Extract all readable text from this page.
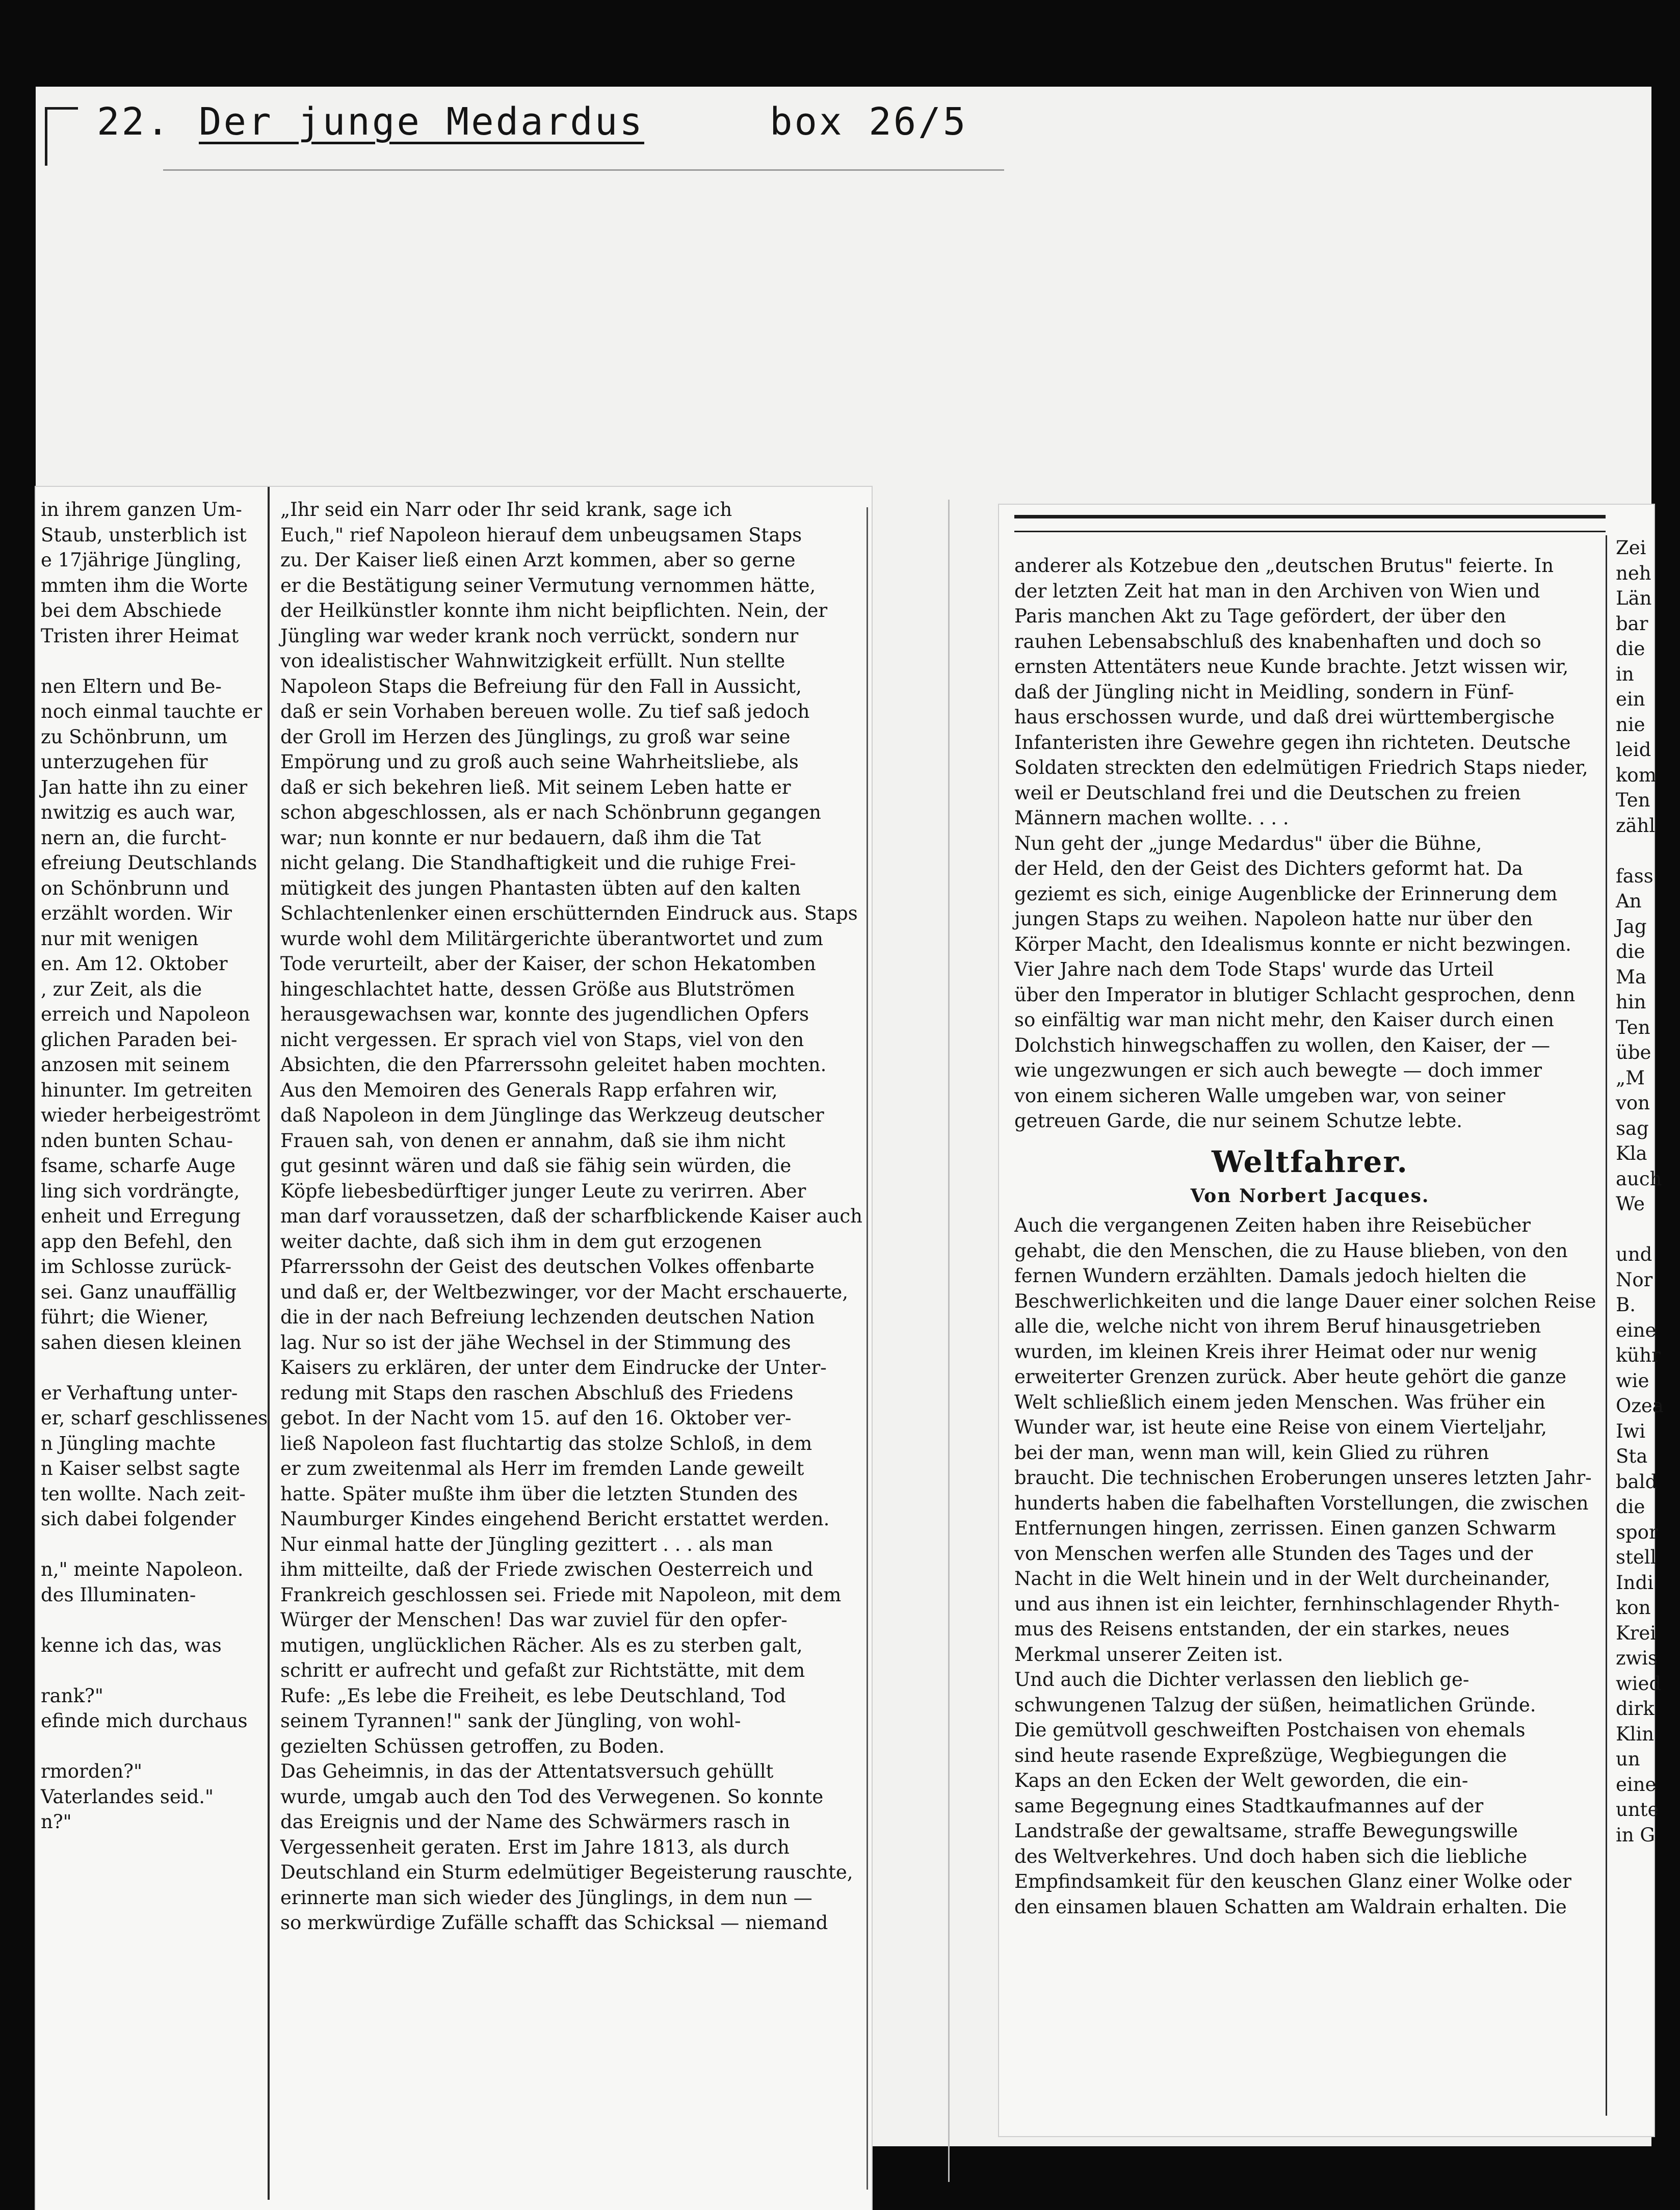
22. Der junge Medardus	box 26/5

in ihrem ganzen Um-

Staub, unsterblich ist

e 17jährige Jüngling,

mmten ihm die Worte

bei dem Abschiede

Tristen ihrer Heimat

nen Eltern und Be-

noch einmal tauchte er

zu Schönbrunn, um

unterzugehen für

Jan hatte ihn zu einer

nwitzig es auch war,

nern an, die furcht-

efreiung Deutschlands

on Schönbrunn und

erzählt worden. Wir

nur mit wenigen

en. Am 12. Oktober

, zur Zeit, als die

erreich und Napoleon

glichen Paraden bei-

anzosen mit seinem

hinunter. Im getreiten

wieder herbeigeströmt

nden bunten Schau-

fsame, scharfe Auge

ling sich vordrängte,

enheit und Erregung

app den Befehl, den

im Schlosse zurück-

sei. Ganz unauffällig

führt; die Wiener,

sahen diesen kleinen

er Verhaftung unter-

er, scharf geschlissenes

n Jüngling machte

n Kaiser selbst sagte

ten wollte. Nach zeit-

sich dabei folgender

n," meinte Napoleon.

des Illuminaten-

kenne ich das, was

rank?"

efinde mich durchaus

rmorden?"

Vaterlandes seid."

n?"

„Ihr seid ein Narr oder Ihr seid krank, sage ich

Euch," rief Napoleon hierauf dem unbeugsamen Staps

zu. Der Kaiser ließ einen Arzt kommen, aber so gerne

er die Bestätigung seiner Vermutung vernommen hätte,

der Heilkünstler konnte ihm nicht beipflichten. Nein, der

Jüngling war weder krank noch verrückt, sondern nur

von idealistischer Wahnwitzigkeit erfüllt. Nun stellte

Napoleon Staps die Befreiung für den Fall in Aussicht,

daß er sein Vorhaben bereuen wolle. Zu tief saß jedoch

der Groll im Herzen des Jünglings, zu groß war seine

Empörung und zu groß auch seine Wahrheitsliebe, als

daß er sich bekehren ließ. Mit seinem Leben hatte er

schon abgeschlossen, als er nach Schönbrunn gegangen

war; nun konnte er nur bedauern, daß ihm die Tat

nicht gelang. Die Standhaftigkeit und die ruhige Frei-

mütigkeit des jungen Phantasten übten auf den kalten

Schlachtenlenker einen erschütternden Eindruck aus. Staps

wurde wohl dem Militärgerichte überantwortet und zum

Tode verurteilt, aber der Kaiser, der schon Hekatomben

hingeschlachtet hatte, dessen Größe aus Blutströmen

herausgewachsen war, konnte des jugendlichen Opfers

nicht vergessen. Er sprach viel von Staps, viel von den

Absichten, die den Pfarrerssohn geleitet haben mochten.

Aus den Memoiren des Generals Rapp erfahren wir,

daß Napoleon in dem Jünglinge das Werkzeug deutscher

Frauen sah, von denen er annahm, daß sie ihm nicht

gut gesinnt wären und daß sie fähig sein würden, die

Köpfe liebesbedürftiger junger Leute zu verirren. Aber

man darf voraussetzen, daß der scharfblickende Kaiser auch

weiter dachte, daß sich ihm in dem gut erzogenen

Pfarrerssohn der Geist des deutschen Volkes offenbarte

und daß er, der Weltbezwinger, vor der Macht erschauerte,

die in der nach Befreiung lechzenden deutschen Nation

lag. Nur so ist der jähe Wechsel in der Stimmung des

Kaisers zu erklären, der unter dem Eindrucke der Unter-

redung mit Staps den raschen Abschluß des Friedens

gebot. In der Nacht vom 15. auf den 16. Oktober ver-

ließ Napoleon fast fluchtartig das stolze Schloß, in dem

er zum zweitenmal als Herr im fremden Lande geweilt

hatte. Später mußte ihm über die letzten Stunden des

Naumburger Kindes eingehend Bericht erstattet werden.

Nur einmal hatte der Jüngling gezittert . . . als man

ihm mitteilte, daß der Friede zwischen Oesterreich und

Frankreich geschlossen sei. Friede mit Napoleon, mit dem

Würger der Menschen! Das war zuviel für den opfer-

mutigen, unglücklichen Rächer. Als es zu sterben galt,

schritt er aufrecht und gefaßt zur Richtstätte, mit dem

Rufe: „Es lebe die Freiheit, es lebe Deutschland, Tod

seinem Tyrannen!" sank der Jüngling, von wohl-

gezielten Schüssen getroffen, zu Boden.

Das Geheimnis, in das der Attentatsversuch gehüllt

wurde, umgab auch den Tod des Verwegenen. So konnte

das Ereignis und der Name des Schwärmers rasch in

Vergessenheit geraten. Erst im Jahre 1813, als durch

Deutschland ein Sturm edelmütiger Begeisterung rauschte,

erinnerte man sich wieder des Jünglings, in dem nun —

so merkwürdige Zufälle schafft das Schicksal — niemand

anderer als Kotzebue den „deutschen Brutus" feierte. In

der letzten Zeit hat man in den Archiven von Wien und

Paris manchen Akt zu Tage gefördert, der über den

rauhen Lebensabschluß des knabenhaften und doch so

ernsten Attentäters neue Kunde brachte. Jetzt wissen wir,

daß der Jüngling nicht in Meidling, sondern in Fünf-

haus erschossen wurde, und daß drei württembergische

Infanteristen ihre Gewehre gegen ihn richteten. Deutsche

Soldaten streckten den edelmütigen Friedrich Staps nieder,

weil er Deutschland frei und die Deutschen zu freien

Männern machen wollte. . . .

Nun geht der „junge Medardus" über die Bühne,

der Held, den der Geist des Dichters geformt hat. Da

geziemt es sich, einige Augenblicke der Erinnerung dem

jungen Staps zu weihen. Napoleon hatte nur über den

Körper Macht, den Idealismus konnte er nicht bezwingen.

Vier Jahre nach dem Tode Staps' wurde das Urteil

über den Imperator in blutiger Schlacht gesprochen, denn

so einfältig war man nicht mehr, den Kaiser durch einen

Dolchstich hinwegschaffen zu wollen, den Kaiser, der —

wie ungezwungen er sich auch bewegte — doch immer

von einem sicheren Walle umgeben war, von seiner

getreuen Garde, die nur seinem Schutze lebte.

Weltfahrer.
Von Norbert Jacques.

Auch die vergangenen Zeiten haben ihre Reisebücher

gehabt, die den Menschen, die zu Hause blieben, von den

fernen Wundern erzählten. Damals jedoch hielten die

Beschwerlichkeiten und die lange Dauer einer solchen Reise

alle die, welche nicht von ihrem Beruf hinausgetrieben

wurden, im kleinen Kreis ihrer Heimat oder nur wenig

erweiterter Grenzen zurück. Aber heute gehört die ganze

Welt schließlich einem jeden Menschen. Was früher ein

Wunder war, ist heute eine Reise von einem Vierteljahr,

bei der man, wenn man will, kein Glied zu rühren

braucht. Die technischen Eroberungen unseres letzten Jahr-

hunderts haben die fabelhaften Vorstellungen, die zwischen

Entfernungen hingen, zerrissen. Einen ganzen Schwarm

von Menschen werfen alle Stunden des Tages und der

Nacht in die Welt hinein und in der Welt durcheinander,

und aus ihnen ist ein leichter, fernhinschlagender Rhyth-

mus des Reisens entstanden, der ein starkes, neues

Merkmal unserer Zeiten ist.

Und auch die Dichter verlassen den lieblich ge-

schwungenen Talzug der süßen, heimatlichen Gründe.

Die gemütvoll geschweiften Postchaisen von ehemals

sind heute rasende Expreßzüge, Wegbiegungen die

Kaps an den Ecken der Welt geworden, die ein-

same Begegnung eines Stadtkaufmannes auf der

Landstraße der gewaltsame, straffe Bewegungswille

des Weltverkehres. Und doch haben sich die liebliche

Empfindsamkeit für den keuschen Glanz einer Wolke oder

den einsamen blauen Schatten am Waldrain erhalten. Die

Zei

neh

Län

bar

die

in

ein

nie

leid

kom

Ten

zähl

fass

An

Jag

die

Ma

hin

Ten

übe

„M

von

sag

Kla

auch

We

und

Nor

B.

eine

kühr

wie

Ozea

Iwi

Sta

bald

die

spor

stell

Indi

kon

Krei

zwis

wied

dirk

Klin

un

eine

unte

in G
